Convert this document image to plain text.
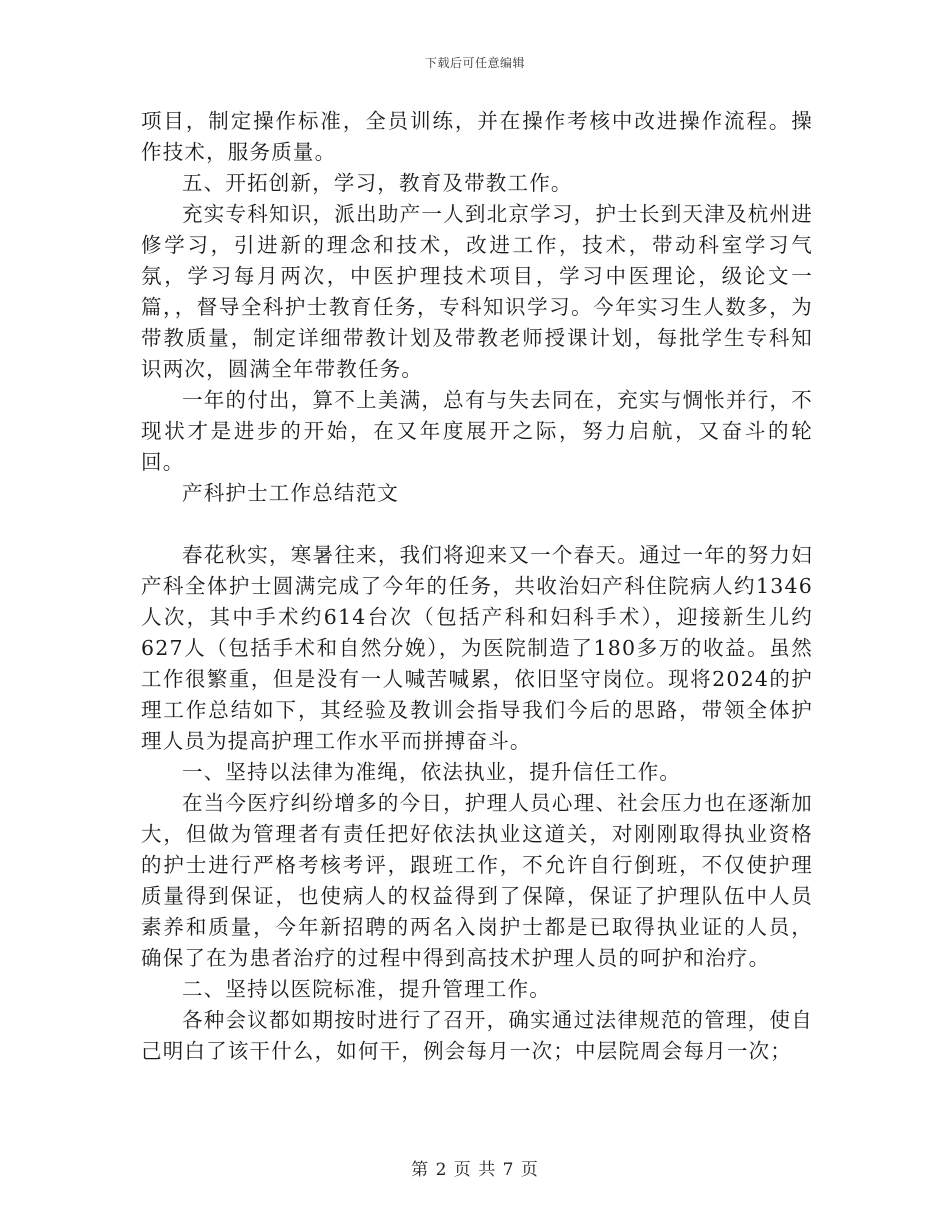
下载后可任意编辑

项目，制定操作标准，全员训练，并在操作考核中改进操作流程。操作技术，服务质量。

五、开拓创新，学习，教育及带教工作。

充实专科知识，派出助产一人到北京学习，护士长到天津及杭州进修学习，引进新的理念和技术，改进工作，技术，带动科室学习气氛，学习每月两次，中医护理技术项目，学习中医理论，级论文一篇，，督导全科护士教育任务，专科知识学习。今年实习生人数多，为带教质量，制定详细带教计划及带教老师授课计划，每批学生专科知识两次，圆满全年带教任务。

一年的付出，算不上美满，总有与失去同在，充实与惆怅并行，不现状才是进步的开始，在又年度展开之际，努力启航，又奋斗的轮回。

产科护士工作总结范文

春花秋实，寒暑往来，我们将迎来又一个春天。通过一年的努力妇产科全体护士圆满完成了今年的任务，共收治妇产科住院病人约1346人次，其中手术约614台次（包括产科和妇科手术），迎接新生儿约627人（包括手术和自然分娩），为医院制造了180多万的收益。虽然工作很繁重，但是没有一人喊苦喊累，依旧坚守岗位。现将2024的护理工作总结如下，其经验及教训会指导我们今后的思路，带领全体护理人员为提高护理工作水平而拼搏奋斗。

一、坚持以法律为准绳，依法执业，提升信任工作。

在当今医疗纠纷增多的今日，护理人员心理、社会压力也在逐渐加大，但做为管理者有责任把好依法执业这道关，对刚刚取得执业资格的护士进行严格考核考评，跟班工作，不允许自行倒班，不仅使护理质量得到保证，也使病人的权益得到了保障，保证了护理队伍中人员素养和质量，今年新招聘的两名入岗护士都是已取得执业证的人员，确保了在为患者治疗的过程中得到高技术护理人员的呵护和治疗。

二、坚持以医院标准，提升管理工作。

各种会议都如期按时进行了召开，确实通过法律规范的管理，使自己明白了该干什么，如何干，例会每月一次；中层院周会每月一次；

第 2 页 共 7 页
